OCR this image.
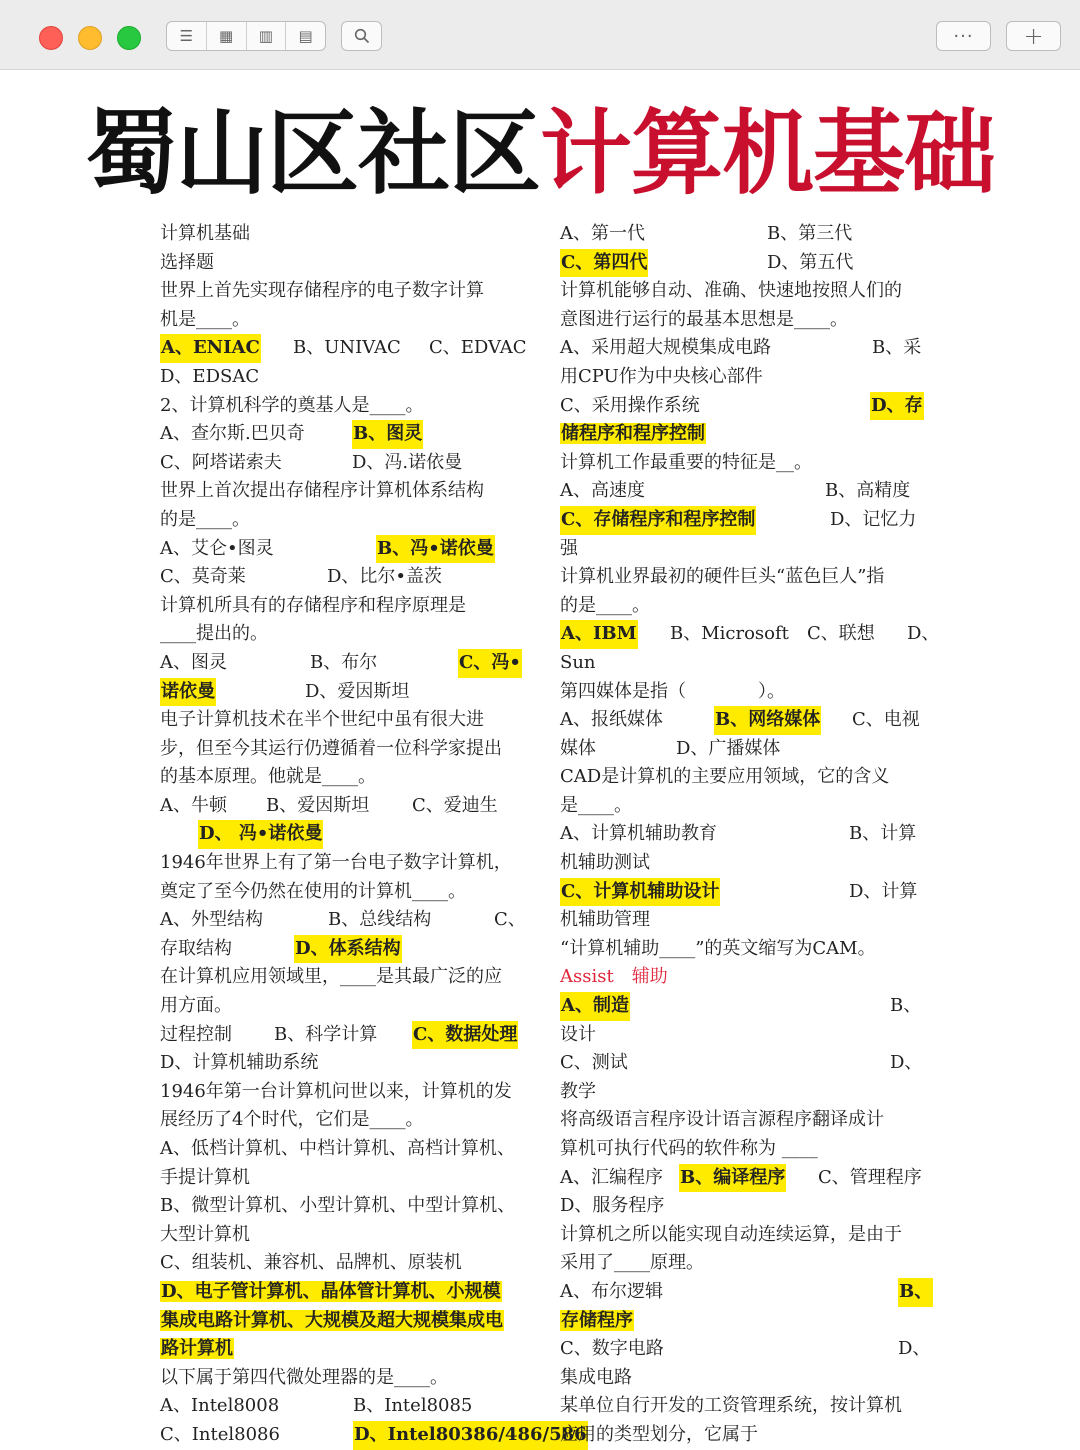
☰	▦	▥	▤	··· +
蜀山区社区计算机基础
计算机基础
选择题
世界上首先实现存储程序的电子数字计算
机是____。
A、ENIAC B、UNIVAC C、EDVAC
D、EDSAC
2、计算机科学的奠基人是____。
A、查尔斯.巴贝奇	B、图灵
C、阿塔诺索夫	D、冯.诺依曼
世界上首次提出存储程序计算机体系结构
的是____。
A、艾仑•图灵	B、冯•诺依曼
C、莫奇莱	D、比尔•盖茨
计算机所具有的存储程序和程序原理是
____提出的。
A、图灵	B、布尔	C、冯•
诺依曼	D、爱因斯坦
电子计算机技术在半个世纪中虽有很大进
步，但至今其运行仍遵循着一位科学家提出
的基本原理。他就是____。
A、牛顿 B、爱因斯坦 C、爱迪生
D、 冯•诺依曼
1946年世界上有了第一台电子数字计算机，
奠定了至今仍然在使用的计算机____。
A、外型结构	B、总线结构	C、
存取结构	D、体系结构
在计算机应用领域里，____是其最广泛的应
用方面。
过程控制 B、科学计算 C、数据处理
D、计算机辅助系统
1946年第一台计算机问世以来，计算机的发
展经历了4个时代，它们是____。
A、低档计算机、中档计算机、高档计算机、
手提计算机
B、微型计算机、小型计算机、中型计算机、
大型计算机
C、组装机、兼容机、品牌机、原装机
D、电子管计算机、晶体管计算机、小规模
集成电路计算机、大规模及超大规模集成电
路计算机
以下属于第四代微处理器的是____。
A、Intel8008	B、Intel8085
C、Intel8086	D、Intel80386/486/586
A、第一代	B、第三代
C、第四代	D、第五代
计算机能够自动、准确、快速地按照人们的
意图进行运行的最基本思想是____。
A、采用超大规模集成电路	B、采
用CPU作为中央核心部件
C、采用操作系统	D、存
储程序和程序控制
计算机工作最重要的特征是__。
A、高速度	B、高精度
C、存储程序和程序控制	D、记忆力
强
计算机业界最初的硬件巨头“蓝色巨人”指
的是____。
A、IBM B、Microsoft C、联想 D、
Sun
第四媒体是指（　　　　）。
A、报纸媒体	B、网络媒体 C、电视
媒体	D、广播媒体
CAD是计算机的主要应用领域，它的含义
是____。
A、计算机辅助教育	B、计算
机辅助测试
C、计算机辅助设计	D、计算
机辅助管理
“计算机辅助____”的英文缩写为CAM。
Assist　辅助
A、制造	B、
设计
C、测试	D、
教学
将高级语言程序设计语言源程序翻译成计
算机可执行代码的软件称为 ____
A、汇编程序 B、编译程序 C、管理程序
D、服务程序
计算机之所以能实现自动连续运算，是由于
采用了____原理。
A、布尔逻辑	B、
存储程序
C、数字电路	D、
集成电路
某单位自行开发的工资管理系统，按计算机
应用的类型划分，它属于
